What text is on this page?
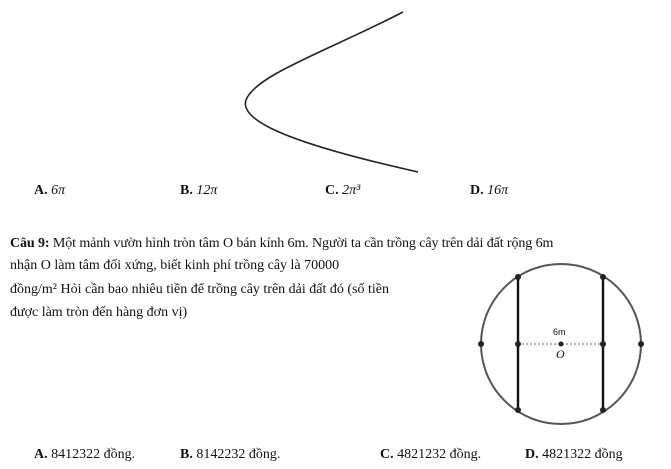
A. 6π	B. 12π	C. 2π³	D. 16π
Câu 9: Một mảnh vườn hình tròn tâm O bán kính 6m. Người ta cần trồng cây trên dải đất rộng 6m
nhận O làm tâm đối xứng, biết kinh phí trồng cây là 70000
đồng/m² Hỏi cần bao nhiêu tiền để trồng cây trên dải đất đó (số tiền
được làm tròn đến hàng đơn vị)
6m
O
A. 8412322 đồng.	B. 8142232 đồng.	C. 4821232 đồng.	D. 4821322 đồng
